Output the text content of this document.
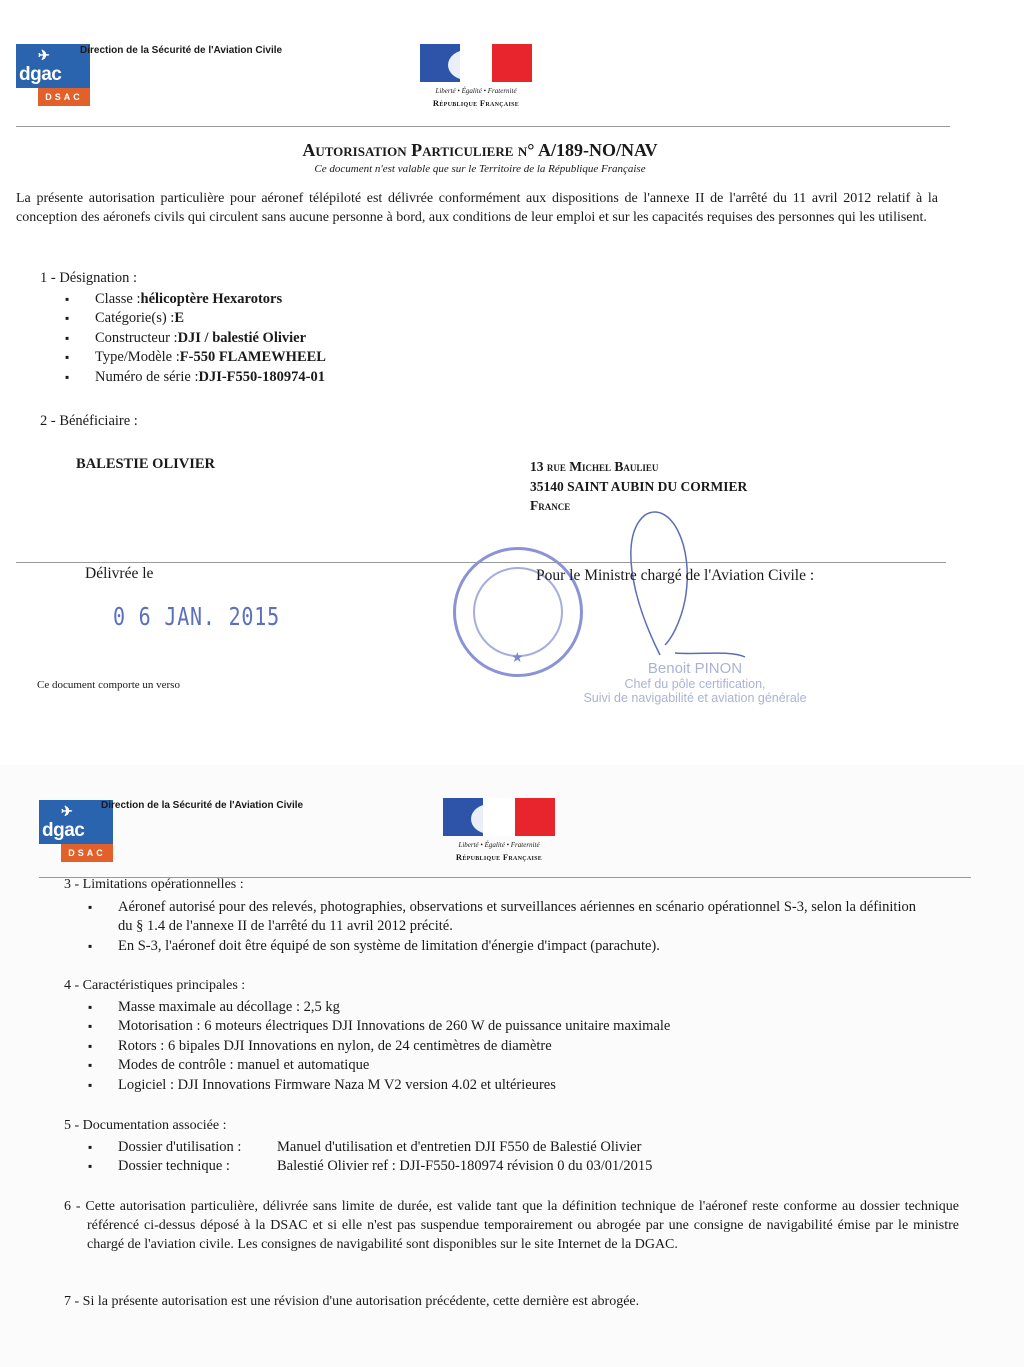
✈
dgac
DSAC
Direction de la Sécurité de l'Aviation Civile
Liberté • Égalité • Fraternité
République Française
Autorisation Particuliere n° A/189-NO/NAV
Ce document n'est valable que sur le Territoire de la République Française
La présente autorisation particulière pour aéronef télépiloté est délivrée conformément aux dispositions de l'annexe II de l'arrêté du 11 avril 2012 relatif à la conception des aéronefs civils qui circulent sans aucune personne à bord, aux conditions de leur emploi et sur les capacités requises des personnes qui les utilisent.
1 - Désignation :
▪ Classe :hélicoptère Hexarotors
▪ Catégorie(s) :E
▪ Constructeur :DJI / balestié Olivier
▪ Type/Modèle :F-550 FLAMEWHEEL
▪ Numéro de série :DJI-F550-180974-01
2 - Bénéficiaire :
BALESTIE OLIVIER	13 rue Michel Baulieu
35140 SAINT AUBIN DU CORMIER
France
Délivrée le
0 6 JAN. 2015
★
Pour le Ministre chargé de l'Aviation Civile :
Benoit PINON
Chef du pôle certification,
Suivi de navigabilité et aviation générale
Ce document comporte un verso
✈
dgac
DSAC
Direction de la Sécurité de l'Aviation Civile
Liberté • Égalité • Fraternité
République Française
3 - Limitations opérationnelles :
▪ Aéronef autorisé pour des relevés, photographies, observations et surveillances aériennes en scénario opérationnel S-3, selon la définition du § 1.4 de l'annexe II de l'arrêté du 11 avril 2012 précité.
▪ En S-3, l'aéronef doit être équipé de son système de limitation d'énergie d'impact (parachute).
4 - Caractéristiques principales :
▪ Masse maximale au décollage : 2,5 kg
▪ Motorisation : 6 moteurs électriques DJI Innovations de 260 W de puissance unitaire maximale
▪ Rotors : 6 bipales DJI Innovations en nylon, de 24 centimètres de diamètre
▪ Modes de contrôle : manuel et automatique
▪ Logiciel : DJI Innovations Firmware Naza M V2 version 4.02 et ultérieures
5 - Documentation associée :
▪ Dossier d'utilisation : Manuel d'utilisation et d'entretien DJI F550 de Balestié Olivier
▪ Dossier technique :	Balestié Olivier ref : DJI-F550-180974 révision 0 du 03/01/2015
6 - Cette autorisation particulière, délivrée sans limite de durée, est valide tant que la définition technique de l'aéronef reste conforme au dossier technique référencé ci-dessus déposé à la DSAC et si elle n'est pas suspendue temporairement ou abrogée par une consigne de navigabilité émise par le ministre chargé de l'aviation civile. Les consignes de navigabilité sont disponibles sur le site Internet de la DGAC.
7 - Si la présente autorisation est une révision d'une autorisation précédente, cette dernière est abrogée.
